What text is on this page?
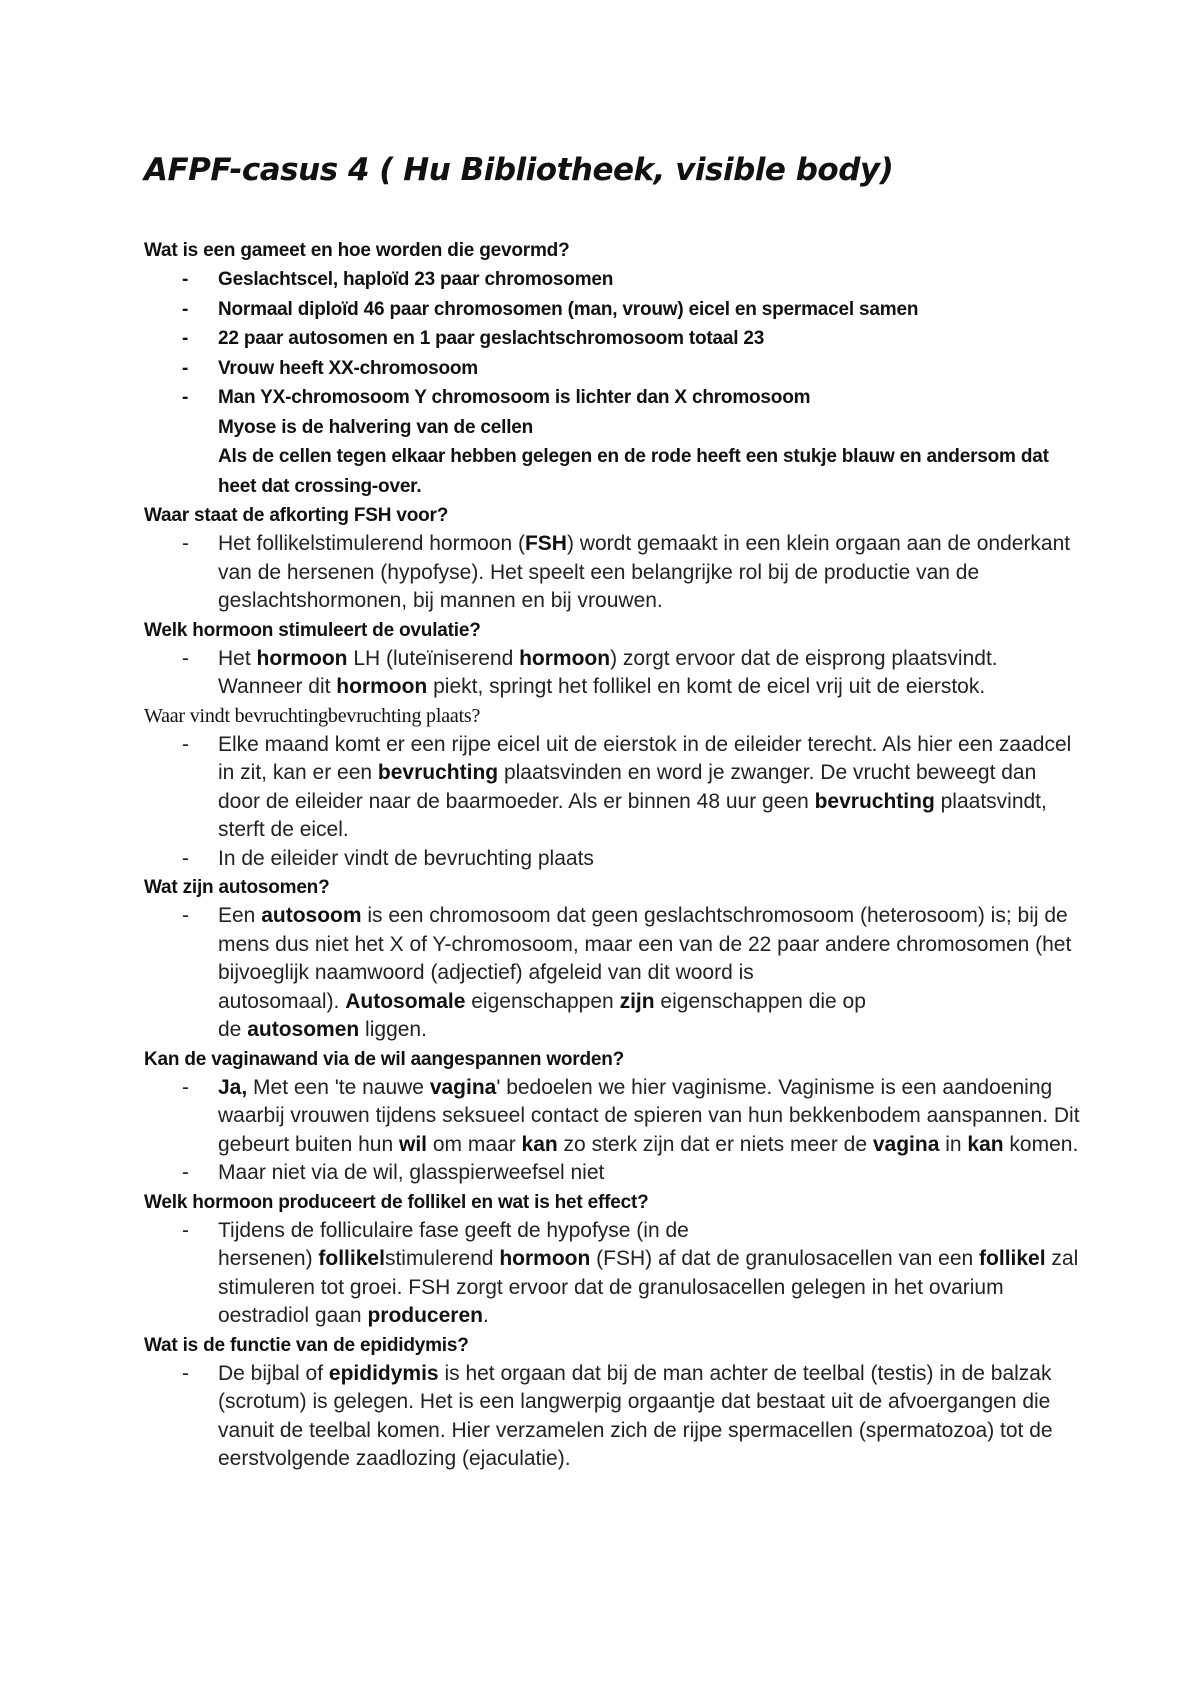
AFPF-casus 4 ( Hu Bibliotheek, visible body)

Wat is een gameet en hoe worden die gevormd?

- Geslachtscel, haploïd 23 paar chromosomen
- Normaal diploïd 46 paar chromosomen (man, vrouw) eicel en spermacel samen
- 22 paar autosomen en 1 paar geslachtschromosoom totaal 23
- Vrouw heeft XX-chromosoom
- Man YX-chromosoom Y chromosoom is lichter dan X chromosoom
Myose is de halvering van de cellen
Als de cellen tegen elkaar hebben gelegen en de rode heeft een stukje blauw en andersom dat heet dat crossing-over.

Waar staat de afkorting FSH voor?

- Het follikelstimulerend hormoon (FSH) wordt gemaakt in een klein orgaan aan de onderkant van de hersenen (hypofyse). Het speelt een belangrijke rol bij de productie van de geslachtshormonen, bij mannen en bij vrouwen.

Welk hormoon stimuleert de ovulatie?

- Het hormoon LH (luteïniserend hormoon) zorgt ervoor dat de eisprong plaatsvindt. Wanneer dit hormoon piekt, springt het follikel en komt de eicel vrij uit de eierstok.

Waar vindt bevruchtingbevruchting plaats?

- Elke maand komt er een rijpe eicel uit de eierstok in de eileider terecht. Als hier een zaadcel in zit, kan er een bevruchting plaatsvinden en word je zwanger. De vrucht beweegt dan door de eileider naar de baarmoeder. Als er binnen 48 uur geen bevruchting plaatsvindt, sterft de eicel.
- In de eileider vindt de bevruchting plaats

Wat zijn autosomen?

- Een autosoom is een chromosoom dat geen geslachtschromosoom (heterosoom) is; bij de mens dus niet het X of Y-chromosoom, maar een van de 22 paar andere chromosomen (het bijvoeglijk naamwoord (adjectief) afgeleid van dit woord is
autosomaal). Autosomale eigenschappen zijn eigenschappen die op
de autosomen liggen.

Kan de vaginawand via de wil aangespannen worden?

- Ja, Met een 'te nauwe vagina' bedoelen we hier vaginisme. Vaginisme is een aandoening waarbij vrouwen tijdens seksueel contact de spieren van hun bekkenbodem aanspannen. Dit gebeurt buiten hun wil om maar kan zo sterk zijn dat er niets meer de vagina in kan komen.
- Maar niet via de wil, glasspierweefsel niet

Welk hormoon produceert de follikel en wat is het effect?

- Tijdens de folliculaire fase geeft de hypofyse (in de
hersenen) follikelstimulerend hormoon (FSH) af dat de granulosacellen van een follikel zal stimuleren tot groei. FSH zorgt ervoor dat de granulosacellen gelegen in het ovarium oestradiol gaan produceren.

Wat is de functie van de epididymis?

- De bijbal of epididymis is het orgaan dat bij de man achter de teelbal (testis) in de balzak (scrotum) is gelegen. Het is een langwerpig orgaantje dat bestaat uit de afvoergangen die vanuit de teelbal komen. Hier verzamelen zich de rijpe spermacellen (spermatozoa) tot de eerstvolgende zaadlozing (ejaculatie).
